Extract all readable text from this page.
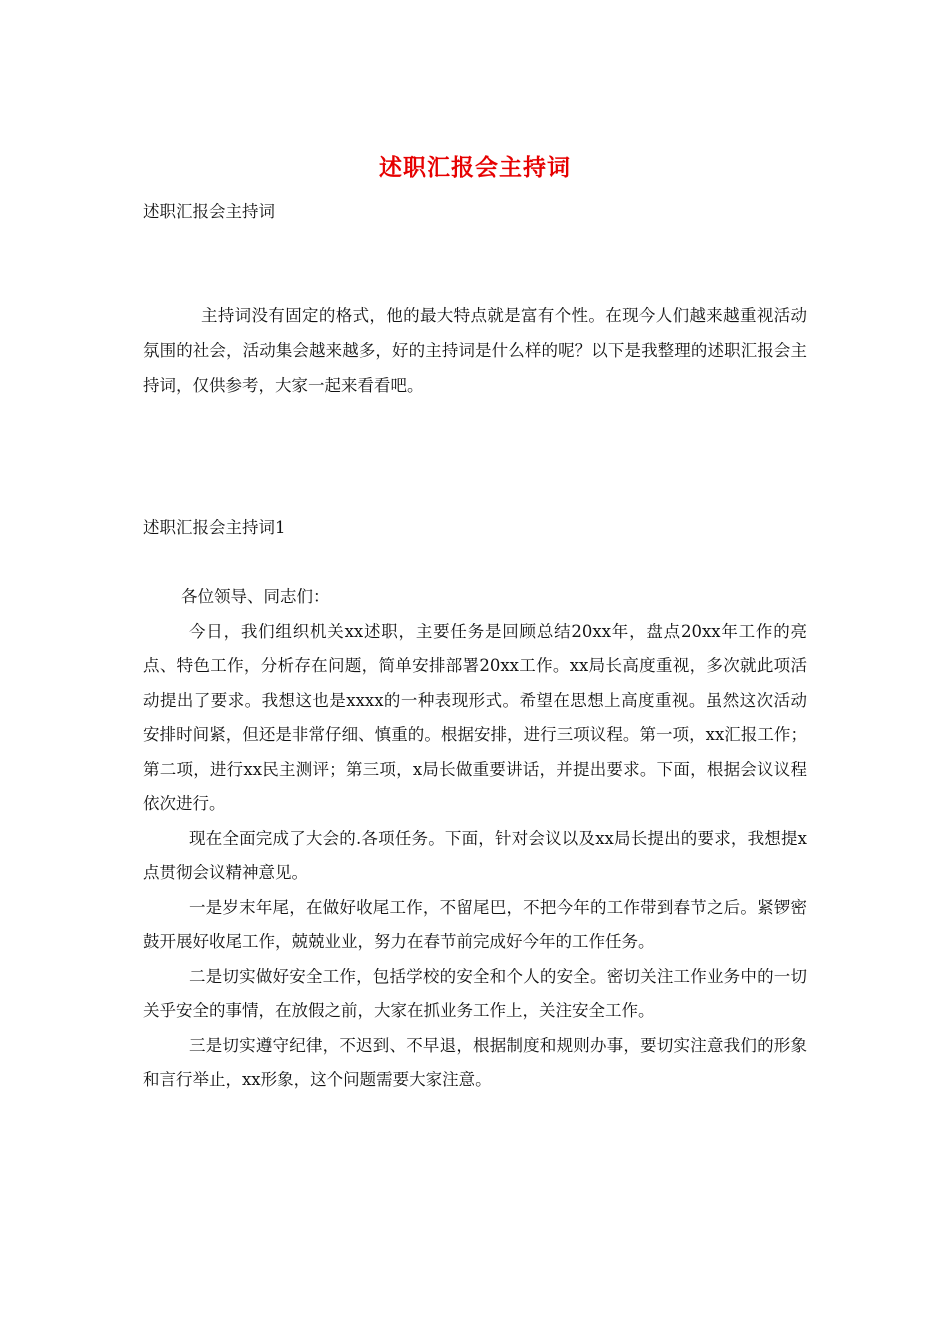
述职汇报会主持词
述职汇报会主持词
主持词没有固定的格式，他的最大特点就是富有个性。在现今人们越来越重视活动氛围的社会，活动集会越来越多，好的主持词是什么样的呢？以下是我整理的述职汇报会主持词，仅供参考，大家一起来看看吧。
述职汇报会主持词1

各位领导、同志们：

今日，我们组织机关xx述职，主要任务是回顾总结20xx年，盘点20xx年工作的亮点、特色工作，分析存在问题，简单安排部署20xx工作。xx局长高度重视，多次就此项活动提出了要求。我想这也是xxxx的一种表现形式。希望在思想上高度重视。虽然这次活动安排时间紧，但还是非常仔细、慎重的。根据安排，进行三项议程。第一项，xx汇报工作；第二项，进行xx民主测评；第三项，x局长做重要讲话，并提出要求。下面，根据会议议程依次进行。

现在全面完成了大会的.各项任务。下面，针对会议以及xx局长提出的要求，我想提x点贯彻会议精神意见。

一是岁末年尾，在做好收尾工作，不留尾巴，不把今年的工作带到春节之后。紧锣密鼓开展好收尾工作，兢兢业业，努力在春节前完成好今年的工作任务。

二是切实做好安全工作，包括学校的安全和个人的安全。密切关注工作业务中的一切关乎安全的事情，在放假之前，大家在抓业务工作上，关注安全工作。

三是切实遵守纪律，不迟到、不早退，根据制度和规则办事，要切实注意我们的形象和言行举止，xx形象，这个问题需要大家注意。
